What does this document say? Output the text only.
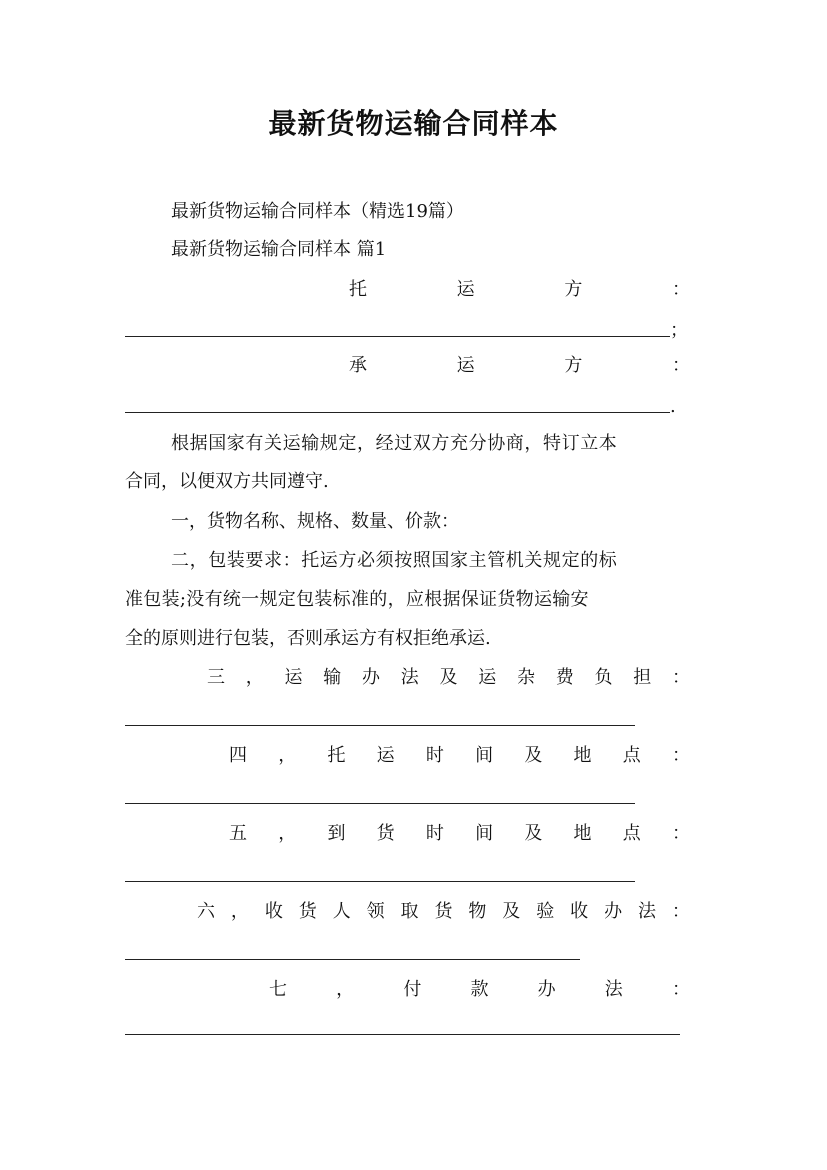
最新货物运输合同样本
最新货物运输合同样本（精选19篇）
最新货物运输合同样本 篇1
托	运	方	：
；
承	运	方	：
.
根据国家有关运输规定，经过双方充分协商，特订立本
合同，以便双方共同遵守.
一，货物名称、规格、数量、价款：
二，包装要求：托运方必须按照国家主管机关规定的标
准包装;没有统一规定包装标准的，应根据保证货物运输安
全的原则进行包装，否则承运方有权拒绝承运.
三 ， 运 输 办 法 及 运 杂 费 负 担 ：
四 ， 托 运 时 间 及 地 点 ：
五 ， 到 货 时 间 及 地 点 ：
六 ， 收 货 人 领 取 货 物 及 验 收 办 法 ：
七	，	付	款	办	法	：
